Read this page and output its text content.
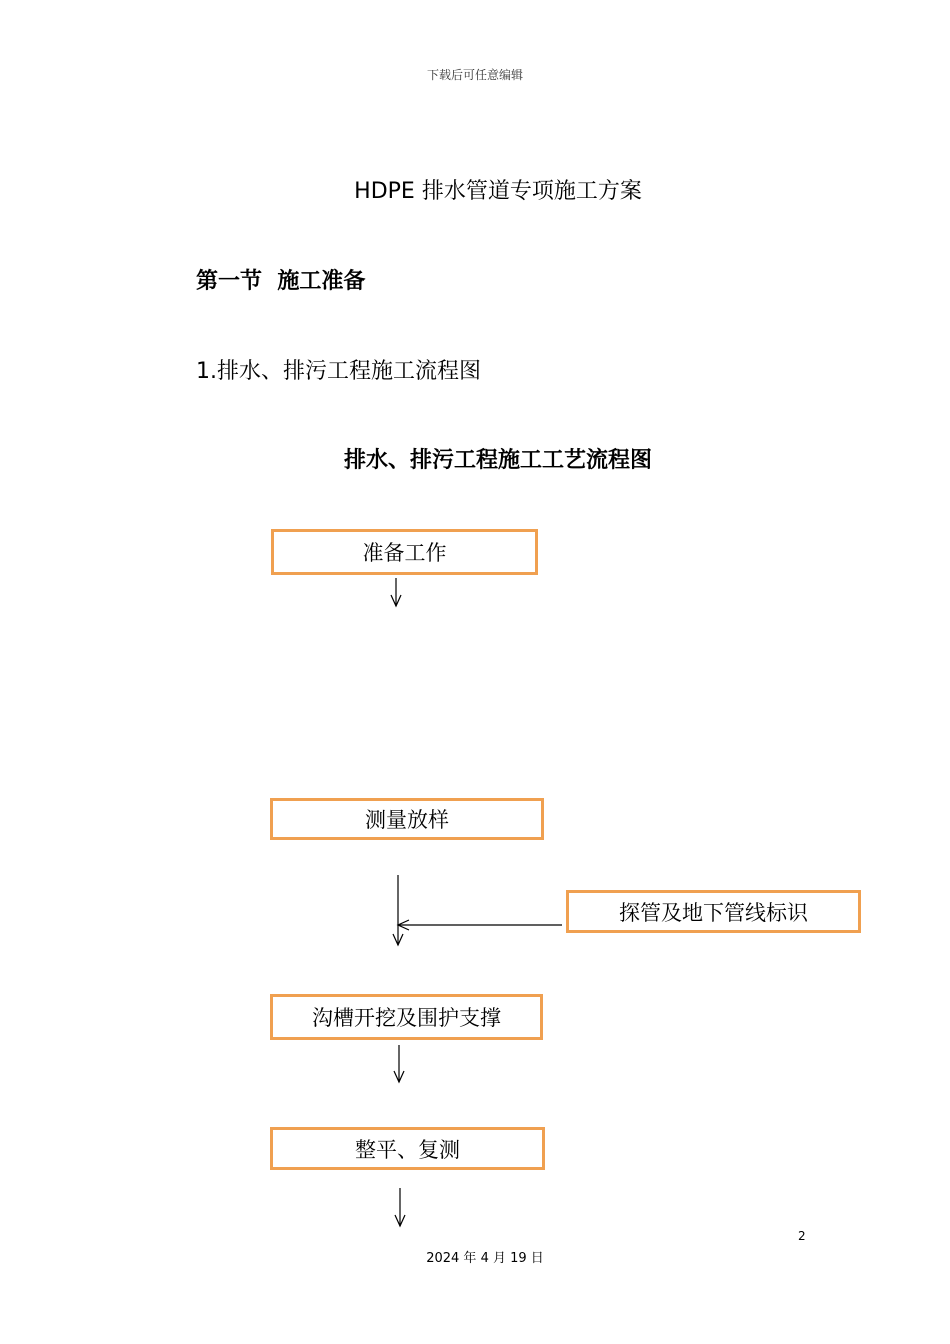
下载后可任意编辑
HDPE 排水管道专项施工方案
第一节  施工准备
1.排水、排污工程施工流程图
排水、排污工程施工工艺流程图
准备工作
测量放样
探管及地下管线标识
沟槽开挖及围护支撑
整平、复测
2
2024 年 4 月 19 日
